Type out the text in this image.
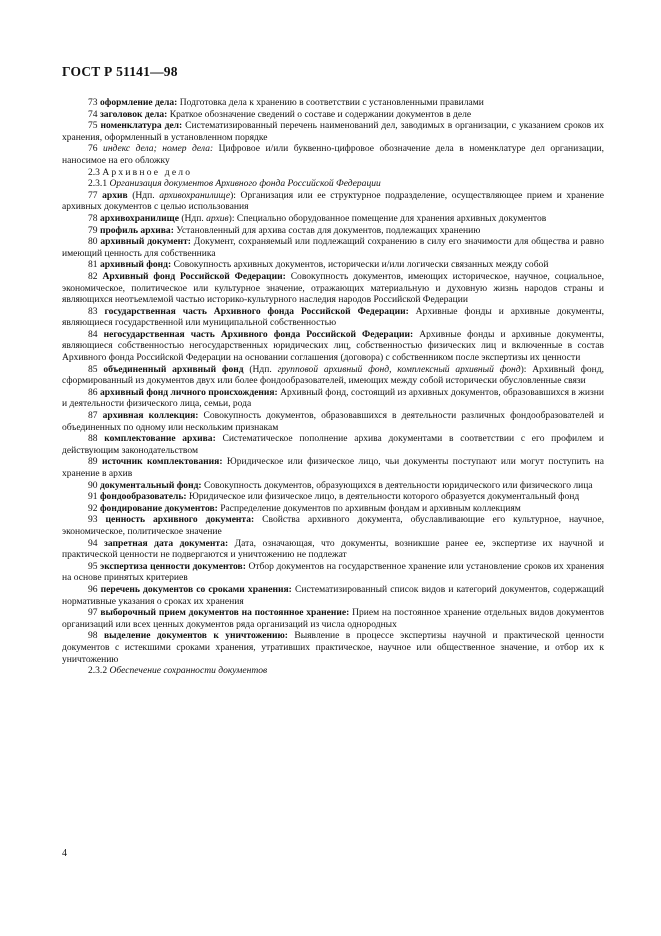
ГОСТ Р 51141—98

73 оформление дела: Подготовка дела к хранению в соответствии с установленными правилами

74 заголовок дела: Краткое обозначение сведений о составе и содержании документов в деле

75 номенклатура дел: Систематизированный перечень наименований дел, заводимых в организации, с указанием сроков их хранения, оформленный в установленном порядке

76 индекс дела; номер дела: Цифровое и/или буквенно-цифровое обозначение дела в номенклатуре дел организации, наносимое на его обложку

2.3 Архивное дело

2.3.1 Организация документов Архивного фонда Российской Федерации

77 архив (Ндп. архивохранилище): Организация или ее структурное подразделение, осуществляющее прием и хранение архивных документов с целью использования

78 архивохранилище (Ндп. архив): Специально оборудованное помещение для хранения архивных документов

79 профиль архива: Установленный для архива состав для документов, подлежащих хранению

80 архивный документ: Документ, сохраняемый или подлежащий сохранению в силу его значимости для общества и равно имеющий ценность для собственника

81 архивный фонд: Совокупность архивных документов, исторически и/или логически связанных между собой

82 Архивный фонд Российской Федерации: Совокупность документов, имеющих историческое, научное, социальное, экономическое, политическое или культурное значение, отражающих материальную и духовную жизнь народов страны и являющихся неотъемлемой частью историко-культурного наследия народов Российской Федерации

83 государственная часть Архивного фонда Российской Федерации: Архивные фонды и архивные документы, являющиеся государственной или муниципальной собственностью

84 негосударственная часть Архивного фонда Российской Федерации: Архивные фонды и архивные документы, являющиеся собственностью негосударственных юридических лиц, собственностью физических лиц и включенные в состав Архивного фонда Российской Федерации на основании соглашения (договора) с собственником после экспертизы их ценности

85 объединенный архивный фонд (Ндп. групповой архивный фонд, комплексный архивный фонд): Архивный фонд, сформированный из документов двух или более фондообразователей, имеющих между собой исторически обусловленные связи

86 архивный фонд личного происхождения: Архивный фонд, состоящий из архивных документов, образовавшихся в жизни и деятельности физического лица, семьи, рода

87 архивная коллекция: Совокупность документов, образовавшихся в деятельности различных фондообразователей и объединенных по одному или нескольким признакам

88 комплектование архива: Систематическое пополнение архива документами в соответствии с его профилем и действующим законодательством

89 источник комплектования: Юридическое или физическое лицо, чьи документы поступают или могут поступить на хранение в архив

90 документальный фонд: Совокупность документов, образующихся в деятельности юридического или физического лица

91 фондообразователь: Юридическое или физическое лицо, в деятельности которого образуется документальный фонд

92 фондирование документов: Распределение документов по архивным фондам и архивным коллекциям

93 ценность архивного документа: Свойства архивного документа, обуславливающие его культурное, научное, экономическое, политическое значение

94 запретная дата документа: Дата, означающая, что документы, возникшие ранее ее, экспертизе их научной и практической ценности не подвергаются и уничтожению не подлежат

95 экспертиза ценности документов: Отбор документов на государственное хранение или установление сроков их хранения на основе принятых критериев

96 перечень документов со сроками хранения: Систематизированный список видов и категорий документов, содержащий нормативные указания о сроках их хранения

97 выборочный прием документов на постоянное хранение: Прием на постоянное хранение отдельных видов документов организаций или всех ценных документов ряда организаций из числа однородных

98 выделение документов к уничтожению: Выявление в процессе экспертизы научной и практической ценности документов с истекшими сроками хранения, утративших практическое, научное или общественное значение, и отбор их к уничтожению

2.3.2 Обеспечение сохранности документов

4
